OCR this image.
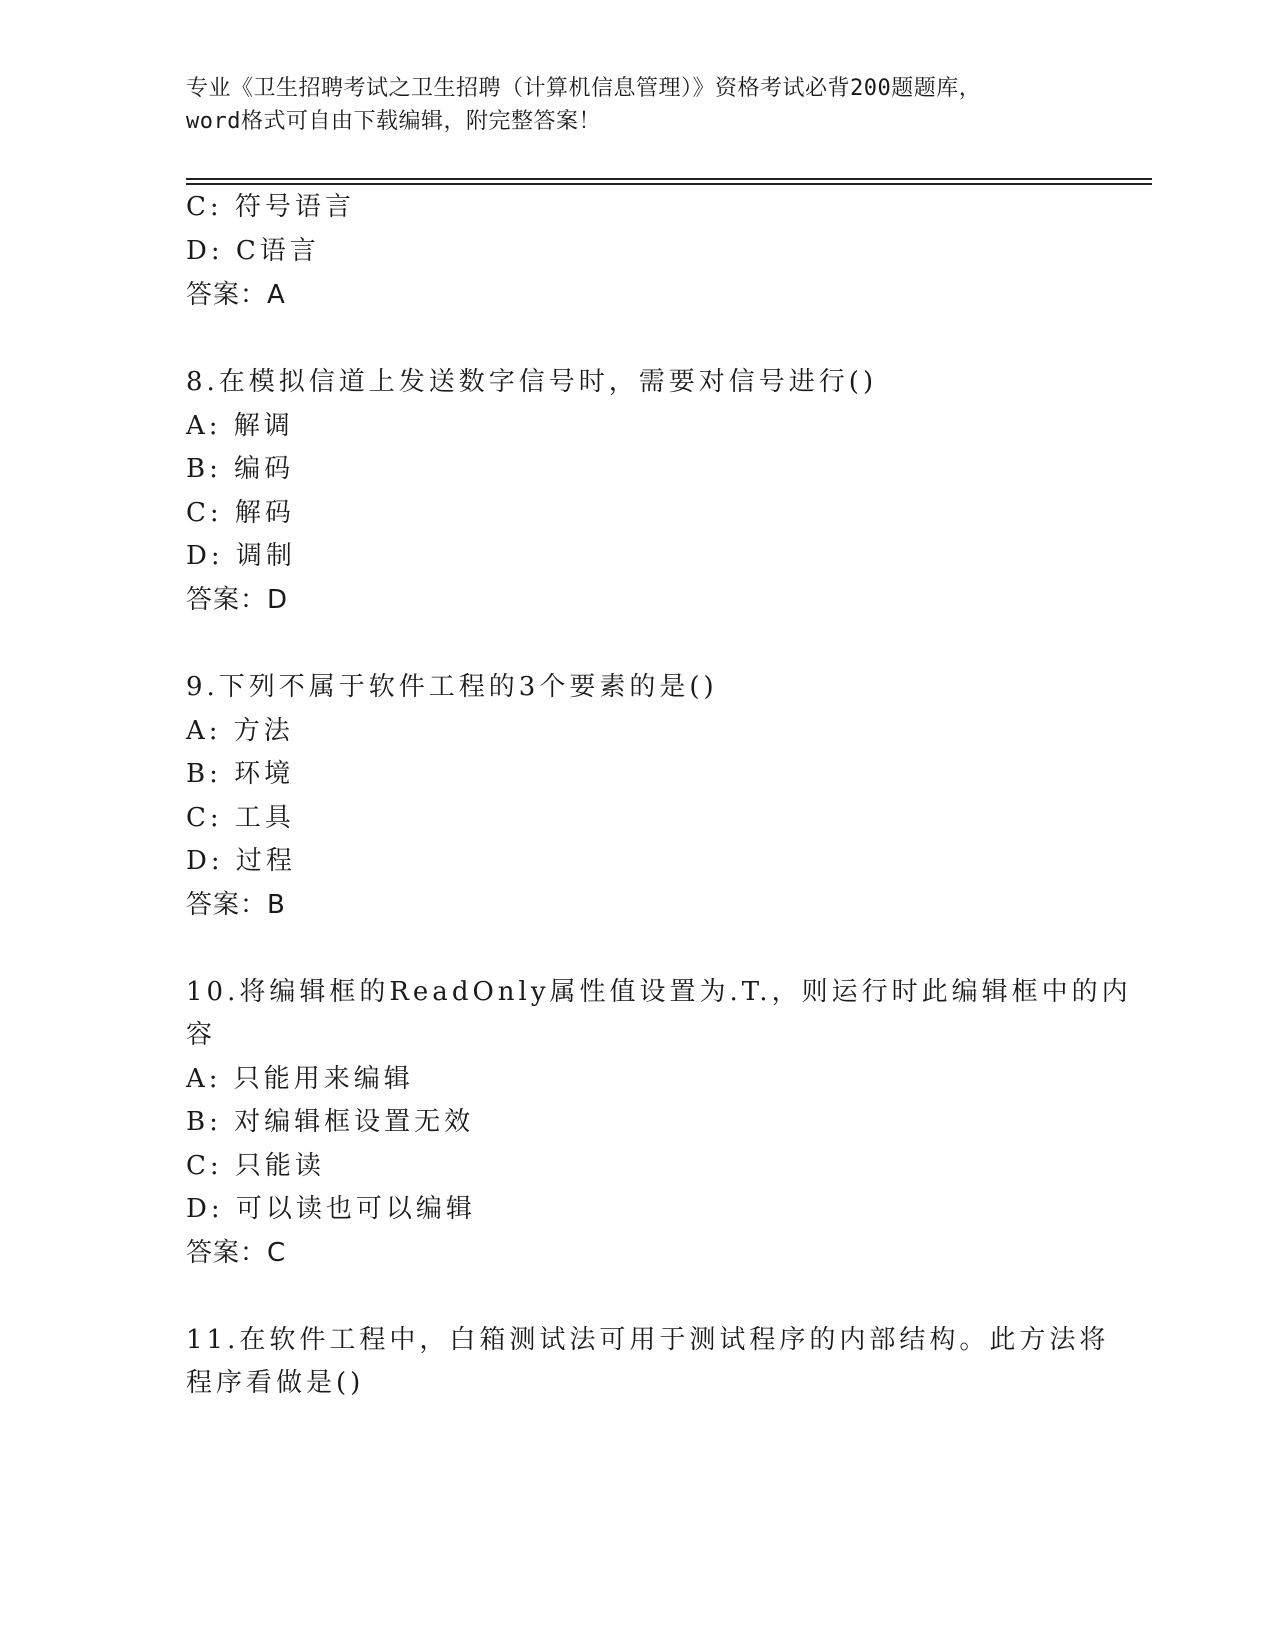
专业《卫生招聘考试之卫生招聘（计算机信息管理）》资格考试必背200题题库，
word格式可自由下载编辑，附完整答案！
C: 符号语言
D: C语言
答案：A
8.在模拟信道上发送数字信号时，需要对信号进行()
A: 解调
B: 编码
C: 解码
D: 调制
答案：D
9.下列不属于软件工程的3个要素的是()
A: 方法
B: 环境
C: 工具
D: 过程
答案：B
10.将编辑框的ReadOnly属性值设置为.T.，则运行时此编辑框中的内
容
A: 只能用来编辑
B: 对编辑框设置无效
C: 只能读
D: 可以读也可以编辑
答案：C
11.在软件工程中，白箱测试法可用于测试程序的内部结构。此方法将
程序看做是()
